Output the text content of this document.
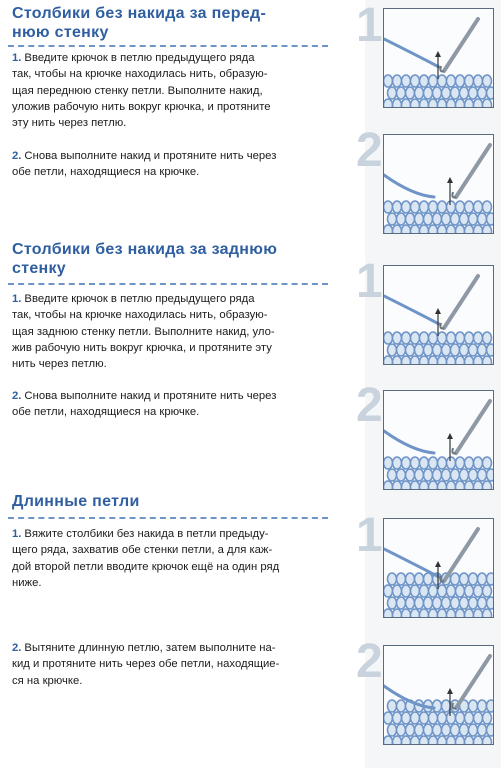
Столбики без накида за перед-
нюю стенку
1. Введите крючок в петлю предыдущего ряда
так, чтобы на крючке находилась нить, образую-
щая переднюю стенку петли. Выполните накид,
уложив рабочую нить вокруг крючка, и протяните
эту нить через петлю.
2. Снова выполните накид и протяните нить через
обе петли, находящиеся на крючке.
Столбики без накида за заднюю
стенку
1. Введите крючок в петлю предыдущего ряда
так, чтобы на крючке находилась нить, образую-
щая заднюю стенку петли. Выполните накид, уло-
жив рабочую нить вокруг крючка, и протяните эту
нить через петлю.
2. Снова выполните накид и протяните нить через
обе петли, находящиеся на крючке.
Длинные петли
1. Вяжите столбики без накида в петли предыду-
щего ряда, захватив обе стенки петли, а для каж-
дой второй петли вводите крючок ещё на один ряд
ниже.
2. Вытяните длинную петлю, затем выполните на-
кид и протяните нить через обе петли, находящие-
ся на крючке.
1
2
1
2
1
2
